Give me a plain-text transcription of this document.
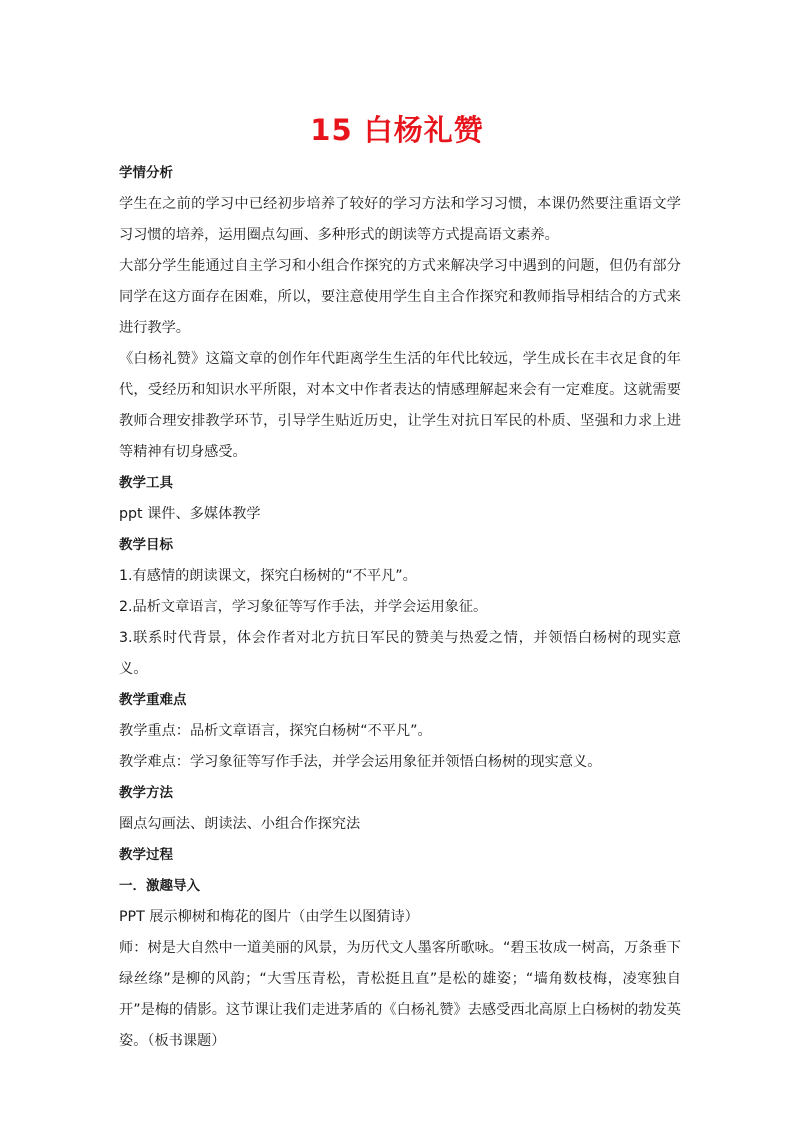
15 白杨礼赞

学情分析

学生在之前的学习中已经初步培养了较好的学习方法和学习习惯，本课仍然要注重语文学习习惯的培养，运用圈点勾画、多种形式的朗读等方式提高语文素养。

大部分学生能通过自主学习和小组合作探究的方式来解决学习中遇到的问题，但仍有部分同学在这方面存在困难，所以，要注意使用学生自主合作探究和教师指导相结合的方式来进行教学。

《白杨礼赞》这篇文章的创作年代距离学生生活的年代比较远，学生成长在丰衣足食的年代，受经历和知识水平所限，对本文中作者表达的情感理解起来会有一定难度。这就需要教师合理安排教学环节，引导学生贴近历史，让学生对抗日军民的朴质、坚强和力求上进等精神有切身感受。

教学工具

ppt 课件、多媒体教学

教学目标

1.有感情的朗读课文，探究白杨树的“不平凡”。

2.品析文章语言，学习象征等写作手法，并学会运用象征。

3.联系时代背景，体会作者对北方抗日军民的赞美与热爱之情，并领悟白杨树的现实意义。

教学重难点

教学重点：品析文章语言，探究白杨树“不平凡”。

教学难点：学习象征等写作手法，并学会运用象征并领悟白杨树的现实意义。

教学方法

圈点勾画法、朗读法、小组合作探究法

教学过程

一．激趣导入

PPT 展示柳树和梅花的图片（由学生以图猜诗）

师：树是大自然中一道美丽的风景，为历代文人墨客所歌咏。“碧玉妆成一树高，万条垂下绿丝绦”是柳的风韵；“大雪压青松，青松挺且直”是松的雄姿；“墙角数枝梅，凌寒独自开”是梅的倩影。这节课让我们走进茅盾的《白杨礼赞》去感受西北高原上白杨树的勃发英姿。（板书课题）
